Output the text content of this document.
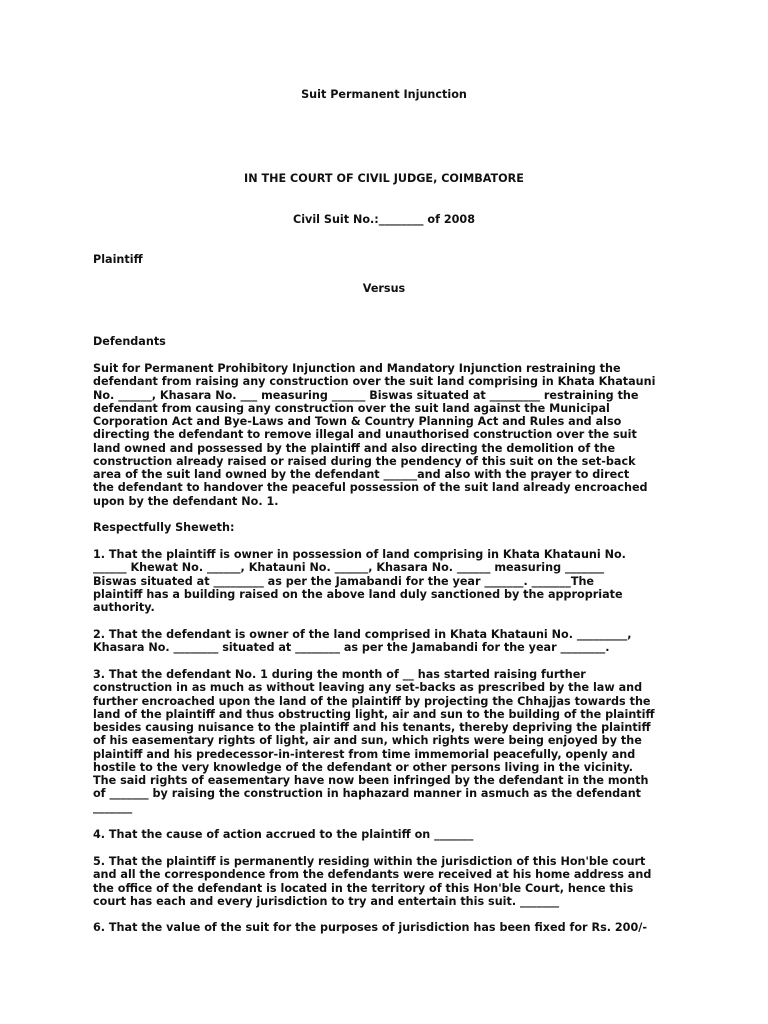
Suit Permanent Injunction
IN THE COURT OF CIVIL JUDGE, COIMBATORE
Civil Suit No.:________ of 2008
Plaintiff
Versus
Defendants
Suit for Permanent Prohibitory Injunction and Mandatory Injunction restraining the
defendant from raising any construction over the suit land comprising in Khata Khatauni
No. ______, Khasara No. ___ measuring ______ Biswas situated at _________ restraining the
defendant from causing any construction over the suit land against the Municipal
Corporation Act and Bye-Laws and Town & Country Planning Act and Rules and also
directing the defendant to remove illegal and unauthorised construction over the suit
land owned and possessed by the plaintiff and also directing the demolition of the
construction already raised or raised during the pendency of this suit on the set-back
area of the suit land owned by the defendant ______and also with the prayer to direct
the defendant to handover the peaceful possession of the suit land already encroached
upon by the defendant No. 1.
Respectfully Sheweth:
1. That the plaintiff is owner in possession of land comprising in Khata Khatauni No.
______ Khewat No. ______, Khatauni No. ______, Khasara No. ______ measuring _______
Biswas situated at _________ as per the Jamabandi for the year _______. _______The
plaintiff has a building raised on the above land duly sanctioned by the appropriate
authority.
2. That the defendant is owner of the land comprised in Khata Khatauni No. _________,
Khasara No. ________ situated at ________ as per the Jamabandi for the year ________.
3. That the defendant No. 1 during the month of __ has started raising further
construction in as much as without leaving any set-backs as prescribed by the law and
further encroached upon the land of the plaintiff by projecting the Chhajjas towards the
land of the plaintiff and thus obstructing light, air and sun to the building of the plaintiff
besides causing nuisance to the plaintiff and his tenants, thereby depriving the plaintiff
of his easementary rights of light, air and sun, which rights were being enjoyed by the
plaintiff and his predecessor-in-interest from time immemorial peacefully, openly and
hostile to the very knowledge of the defendant or other persons living in the vicinity.
The said rights of easementary have now been infringed by the defendant in the month
of _______ by raising the construction in haphazard manner in asmuch as the defendant
_______
4. That the cause of action accrued to the plaintiff on _______
5. That the plaintiff is permanently residing within the jurisdiction of this Hon'ble court
and all the correspondence from the defendants were received at his home address and
the office of the defendant is located in the territory of this Hon'ble Court, hence this
court has each and every jurisdiction to try and entertain this suit. _______
6. That the value of the suit for the purposes of jurisdiction has been fixed for Rs. 200/-
